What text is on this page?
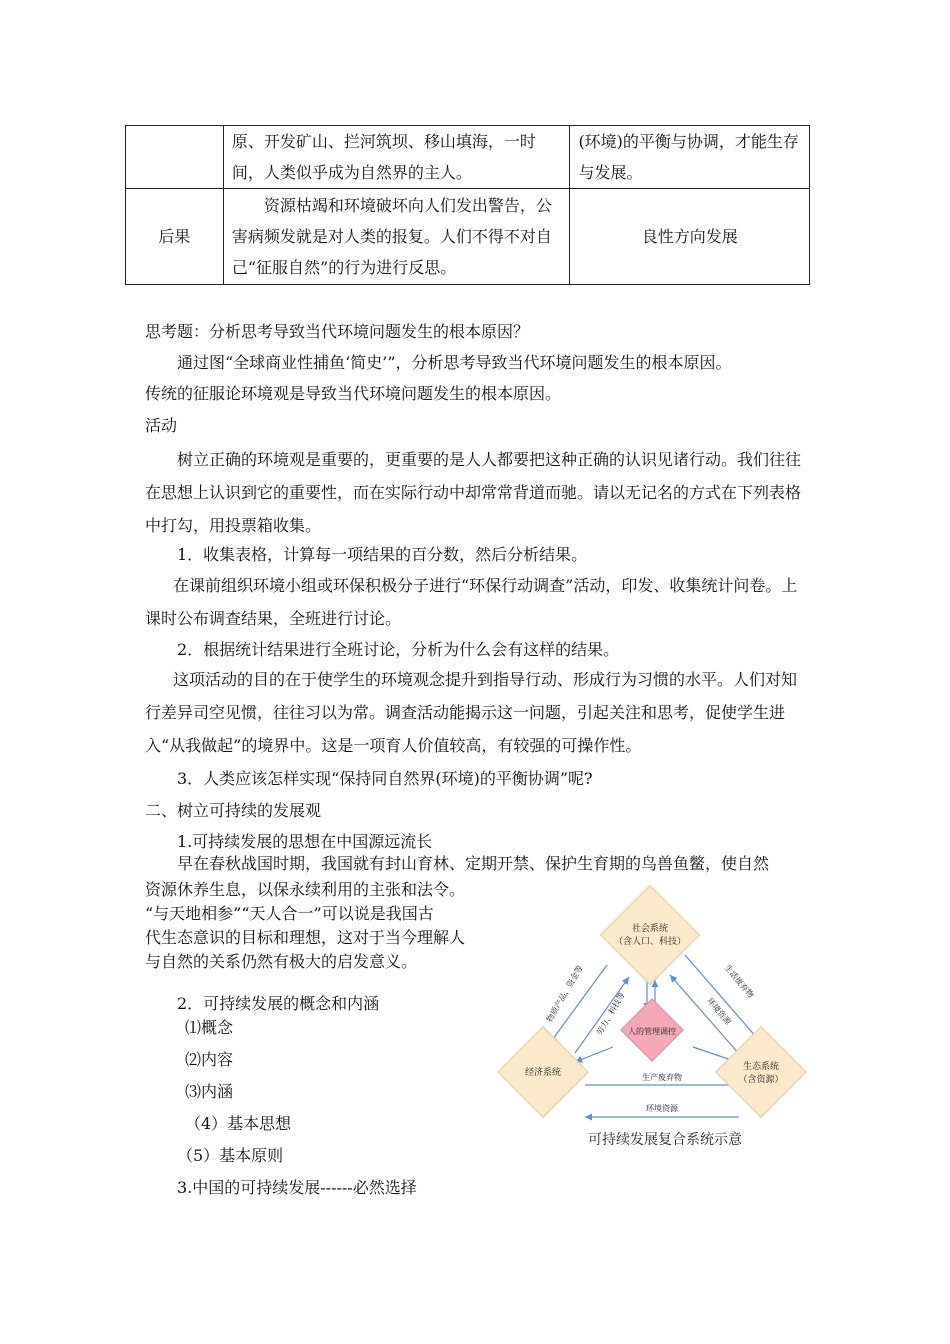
	原、开发矿山、拦河筑坝、移山填海，一时间，人类似乎成为自然界的主人。	(环境)的平衡与协调，才能生存与发展。
后果	资源枯竭和环境破坏向人们发出警告，公害病频发就是对人类的报复。人们不得不对自己“征服自然”的行为进行反思。	良性方向发展
思考题：分析思考导致当代环境问题发生的根本原因？
通过图“全球商业性捕鱼‘简史’”，分析思考导致当代环境问题发生的根本原因。
传统的征服论环境观是导致当代环境问题发生的根本原因。
活动
树立正确的环境观是重要的，更重要的是人人都要把这种正确的认识见诸行动。我们往往在思想上认识到它的重要性，而在实际行动中却常常背道而驰。请以无记名的方式在下列表格中打勾，用投票箱收集。
1．收集表格，计算每一项结果的百分数，然后分析结果。
在课前组织环境小组或环保积极分子进行“环保行动调查”活动，印发、收集统计问卷。上课时公布调查结果，全班进行讨论。
2．根据统计结果进行全班讨论，分析为什么会有这样的结果。
这项活动的目的在于使学生的环境观念提升到指导行动、形成行为习惯的水平。人们对知行差异司空见惯，往往习以为常。调查活动能揭示这一问题，引起关注和思考，促使学生进入“从我做起”的境界中。这是一项育人价值较高，有较强的可操作性。
3．人类应该怎样实现“保持同自然界(环境)的平衡协调”呢?
二、树立可持续的发展观
1.可持续发展的思想在中国源远流长
早在春秋战国时期，我国就有封山育林、定期开禁、保护生育期的鸟兽鱼鳖，使自然
资源休养生息，以保永续利用的主张和法令。
“与天地相参”“天人合一”可以说是我国古
代生态意识的目标和理想，这对于当今理解人
与自然的关系仍然有极大的启发意义。
2．可持续发展的概念和内涵
⑴概念
⑵内容
⑶内涵
（4）基本思想
（5）基本原则
3.中国的可持续发展------必然选择
社会系统
（含人口、科技）
经济系统
生态系统
（含资源）
人的管理调控
物质产品、资金等 劳力、科技等
生活废弃物
环境资源
生产废弃物
环境资源
可持续发展复合系统示意
